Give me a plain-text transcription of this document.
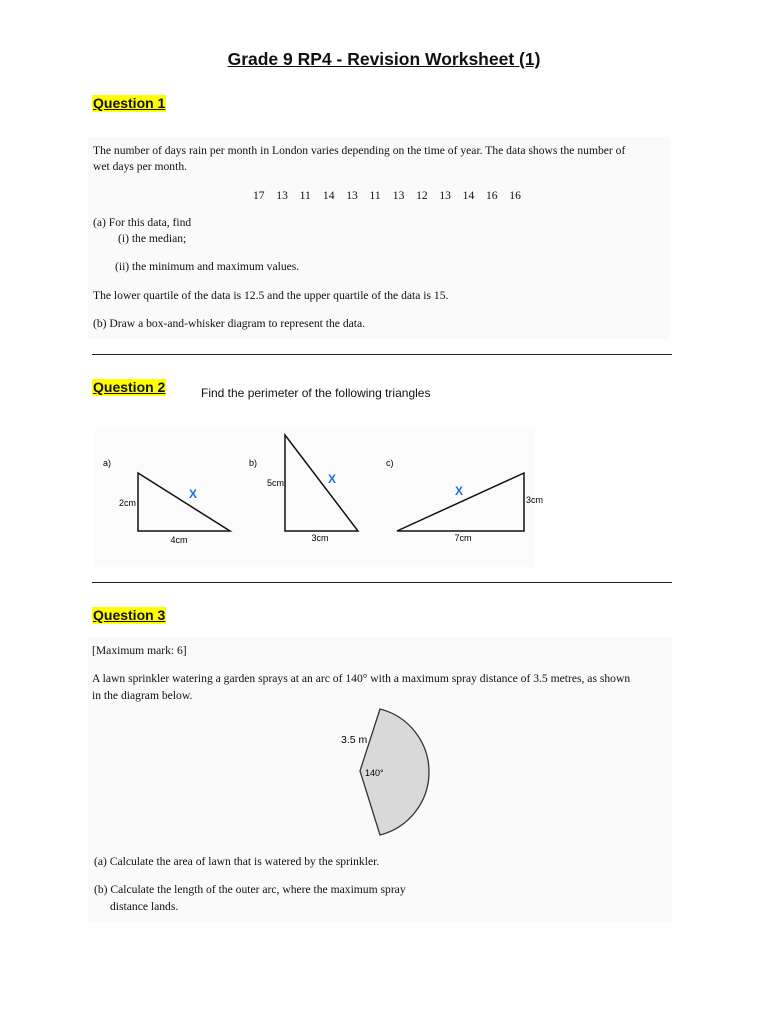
Grade 9 RP4 - Revision Worksheet (1)
Question 1
The number of days rain per month in London varies depending on the time of year. The data shows the number of
wet days per month.
17	13	11	14	13	11	13	12	13	14	16	16
(a) For this data, find
(i) the median;
(ii) the minimum and maximum values.
The lower quartile of the data is 12.5 and the upper quartile of the data is 15.
(b) Draw a box-and-whisker diagram to represent the data.
Question 2	Find the perimeter of the following triangles
a)
2cm
4cm
X
b)
5cm
3cm
X
c)
3cm
7cm
X
Question 3
[Maximum mark: 6]
A lawn sprinkler watering a garden sprays at an arc of 140° with a maximum spray distance of 3.5 metres, as shown
in the diagram below.
3.5 m
140°
(a) Calculate the area of lawn that is watered by the sprinkler.
(b) Calculate the length of the outer arc, where the maximum spray
distance lands.
